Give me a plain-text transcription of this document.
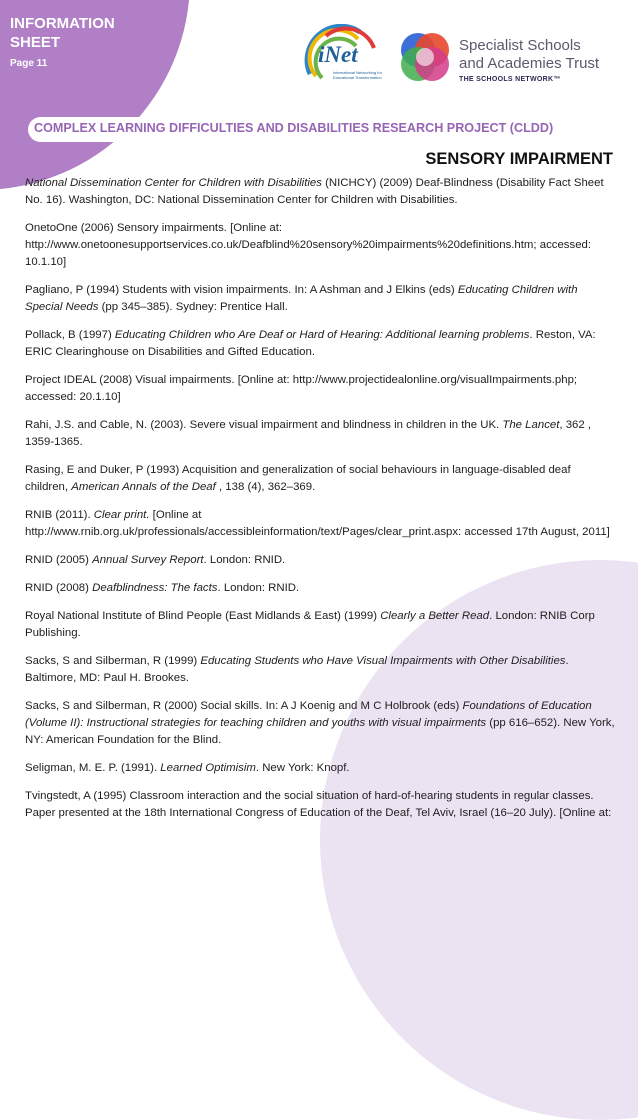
INFORMATION SHEET
Page 11	iNet
International Networking for Educational Transformation
Specialist Schools
and Academies Trust
THE SCHOOLS NETWORK™
COMPLEX LEARNING DIFFICULTIES AND DISABILITIES RESEARCH PROJECT (CLDD)
SENSORY IMPAIRMENT

National Dissemination Center for Children with Disabilities (NICHCY) (2009) Deaf-Blindness (Disability Fact Sheet No. 16). Washington, DC: National Dissemination Center for Children with Disabilities.

OnetoOne (2006) Sensory impairments. [Online at: http://www.onetoonesupportservices.co.uk/Deafblind%20sensory%20impairments%20definitions.htm; accessed: 10.1.10]

Pagliano, P (1994) Students with vision impairments. In: A Ashman and J Elkins (eds) Educating Children with Special Needs (pp 345–385). Sydney: Prentice Hall.

Pollack, B (1997) Educating Children who Are Deaf or Hard of Hearing: Additional learning problems. Reston, VA: ERIC Clearinghouse on Disabilities and Gifted Education.

Project IDEAL (2008) Visual impairments. [Online at: http://www.projectidealonline.org/visualImpairments.php; accessed: 20.1.10]

Rahi, J.S. and Cable, N. (2003). Severe visual impairment and blindness in children in the UK. The Lancet, 362 , 1359-1365.

Rasing, E and Duker, P (1993) Acquisition and generalization of social behaviours in language-disabled deaf children, American Annals of the Deaf , 138 (4), 362–369.

RNIB (2011). Clear print. [Online at http://www.rnib.org.uk/professionals/accessibleinformation/text/Pages/clear_print.aspx: accessed 17th August, 2011]

RNID (2005) Annual Survey Report. London: RNID.

RNID (2008) Deafblindness: The facts. London: RNID.

Royal National Institute of Blind People (East Midlands & East) (1999) Clearly a Better Read. London: RNIB Corp Publishing.

Sacks, S and Silberman, R (1999) Educating Students who Have Visual Impairments with Other Disabilities. Baltimore, MD: Paul H. Brookes.

Sacks, S and Silberman, R (2000) Social skills. In: A J Koenig and M C Holbrook (eds) Foundations of Education (Volume II): Instructional strategies for teaching children and youths with visual impairments (pp 616–652). New York, NY: American Foundation for the Blind.

Seligman, M. E. P. (1991). Learned Optimisim. New York: Knopf.

Tvingstedt, A (1995) Classroom interaction and the social situation of hard-of-hearing students in regular classes. Paper presented at the 18th International Congress of Education of the Deaf, Tel Aviv, Israel (16–20 July). [Online at:
